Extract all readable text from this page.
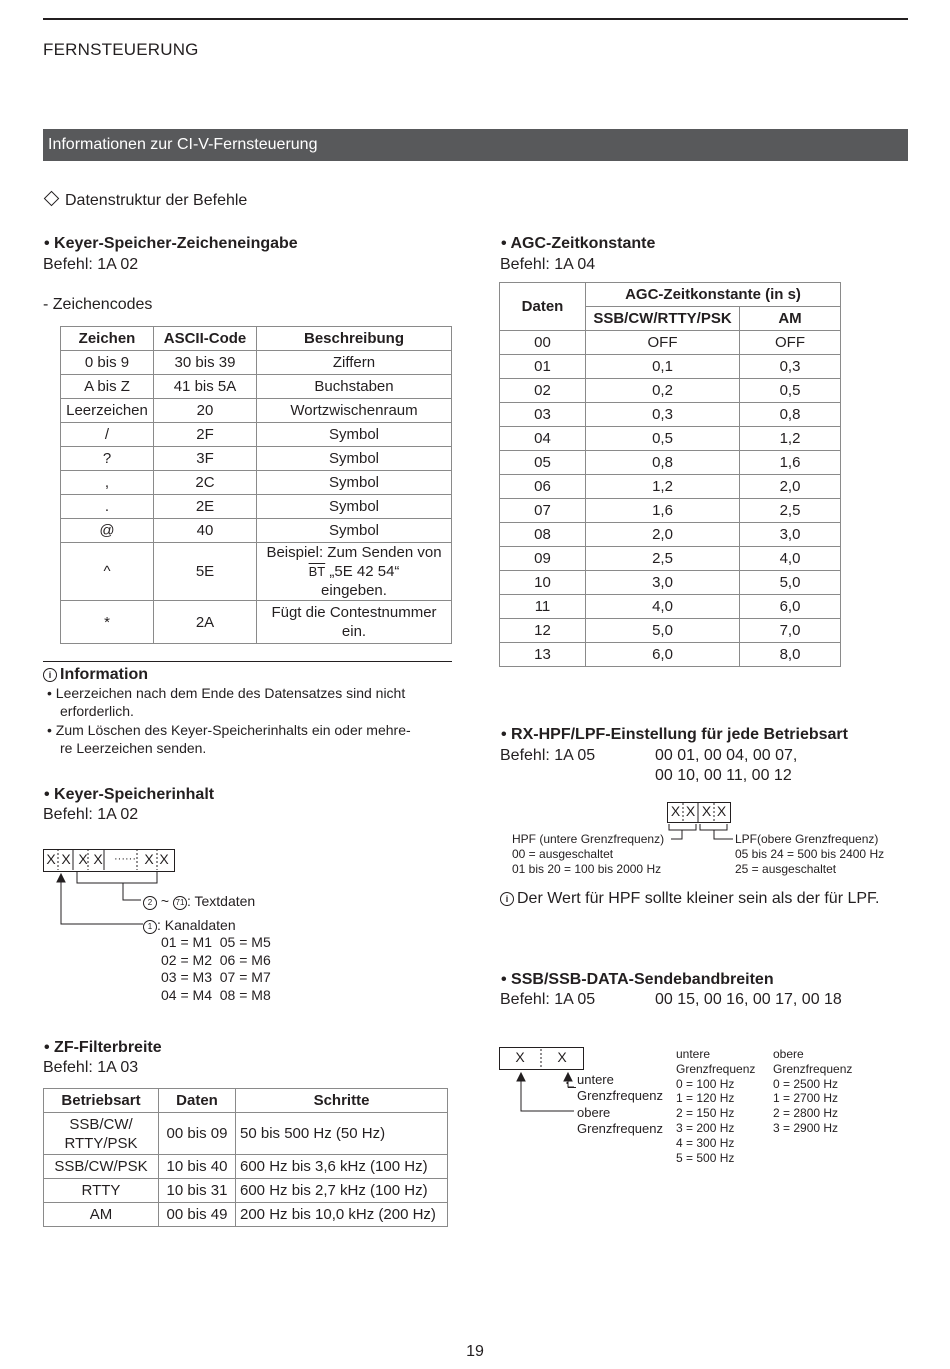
FERNSTEUERUNG
Informationen zur CI-V-Fernsteuerung
Datenstruktur der Befehle
• Keyer-Speicher-Zeicheneingabe
Befehl: 1A 02
- Zeichencodes
Zeichen	ASCII-Code	Beschreibung
0 bis 9	30 bis 39	Ziffern
A bis Z	41 bis 5A	Buchstaben
Leerzeichen	20	Wortzwischenraum
/	2F	Symbol
?	3F	Symbol
,	2C	Symbol
.	2E	Symbol
@	40	Symbol
^	5E	Beispiel: Zum Senden von
$\overline{BT}$ „5E 42 54“
eingeben.

*	2A	Fügt die Contestnummer
ein.
i Information
• Leerzeichen nach dem Ende des Datensatzes sind nicht
erforderlich.
• Zum Löschen des Keyer-Speicherinhalts ein oder mehre-
re Leerzeichen senden.
• Keyer-Speicherinhalt
Befehl: 1A 02
X X X X	······ X X
2 ~ 71 : Textdaten
1 : Kanaldaten
01 = M1 05 = M5
02 = M2 06 = M6
03 = M3 07 = M7
04 = M4 08 = M8
• ZF-Filterbreite
Befehl: 1A 03
Betriebsart	Daten	Schritte

SSB/CW/
RTTY/PSK	00 bis 09	50 bis 500 Hz (50 Hz)
SSB/CW/PSK	10 bis 40	600 Hz bis 3,6 kHz (100 Hz)
RTTY	10 bis 31	600 Hz bis 2,7 kHz (100 Hz)
AM	00 bis 49	200 Hz bis 10,0 kHz (200 Hz)
• AGC-Zeitkonstante
Befehl: 1A 04
Daten	AGC-Zeitkonstante (in s)	
	SSB/CW/RTTY/PSK	AM
00	OFF	OFF
01	0,1	0,3
02	0,2	0,5
03	0,3	0,8
04	0,5	1,2
05	0,8	1,6
06	1,2	2,0
07	1,6	2,5
08	2,0	3,0
09	2,5	4,0
10	3,0	5,0
11	4,0	6,0
12	5,0	7,0
13	6,0	8,0
• RX-HPF/LPF-Einstellung für jede Betriebsart
Befehl: 1A 05	00 01, 00 04, 00 07,
00 10, 00 11, 00 12
X X X X
HPF (untere Grenzfrequenz)
00 = ausgeschaltet
01 bis 20 = 100 bis 2000 Hz
LPF(obere Grenzfrequenz)
05 bis 24 = 500 bis 2400 Hz
25 = ausgeschaltet
i Der Wert für HPF sollte kleiner sein als der für LPF.
• SSB/SSB-DATA-Sendebandbreiten
Befehl: 1A 05	00 15, 00 16, 00 17, 00 18
X X
untere
Grenzfrequenz
obere
Grenzfrequenz
untere
Grenzfrequenz
0 = 100 Hz
1 = 120 Hz
2 = 150 Hz
3 = 200 Hz
4 = 300 Hz
5 = 500 Hz
obere
Grenzfrequenz
0 = 2500 Hz
1 = 2700 Hz
2 = 2800 Hz
3 = 2900 Hz
19
